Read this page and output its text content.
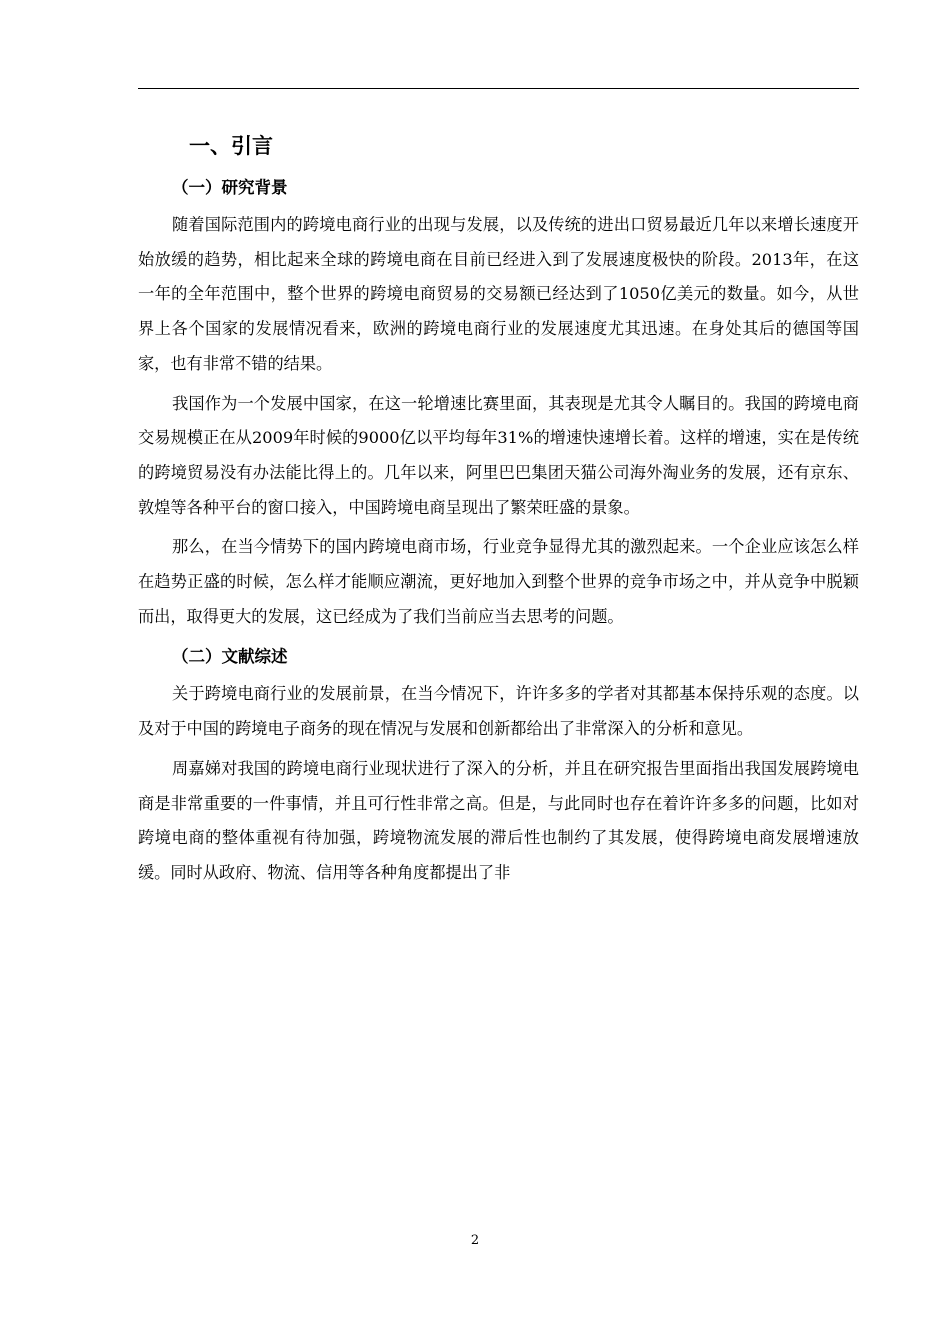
一、引言
（一）研究背景

随着国际范围内的跨境电商行业的出现与发展，以及传统的进出口贸易最近几年以来增长速度开始放缓的趋势，相比起来全球的跨境电商在目前已经进入到了发展速度极快的阶段。2013年，在这一年的全年范围中，整个世界的跨境电商贸易的交易额已经达到了1050亿美元的数量。如今，从世界上各个国家的发展情况看来，欧洲的跨境电商行业的发展速度尤其迅速。在身处其后的德国等国家，也有非常不错的结果。

我国作为一个发展中国家，在这一轮增速比赛里面，其表现是尤其令人瞩目的。我国的跨境电商交易规模正在从2009年时候的9000亿以平均每年31%的增速快速增长着。这样的增速，实在是传统的跨境贸易没有办法能比得上的。几年以来，阿里巴巴集团天猫公司海外淘业务的发展，还有京东、敦煌等各种平台的窗口接入，中国跨境电商呈现出了繁荣旺盛的景象。

那么，在当今情势下的国内跨境电商市场，行业竞争显得尤其的激烈起来。一个企业应该怎么样在趋势正盛的时候，怎么样才能顺应潮流，更好地加入到整个世界的竞争市场之中，并从竞争中脱颖而出，取得更大的发展，这已经成为了我们当前应当去思考的问题。

（二）文献综述

关于跨境电商行业的发展前景，在当今情况下，许许多多的学者对其都基本保持乐观的态度。以及对于中国的跨境电子商务的现在情况与发展和创新都给出了非常深入的分析和意见。

周嘉娣对我国的跨境电商行业现状进行了深入的分析，并且在研究报告里面指出我国发展跨境电商是非常重要的一件事情，并且可行性非常之高。但是，与此同时也存在着许许多多的问题，比如对跨境电商的整体重视有待加强，跨境物流发展的滞后性也制约了其发展，使得跨境电商发展增速放缓。同时从政府、物流、信用等各种角度都提出了非

2
